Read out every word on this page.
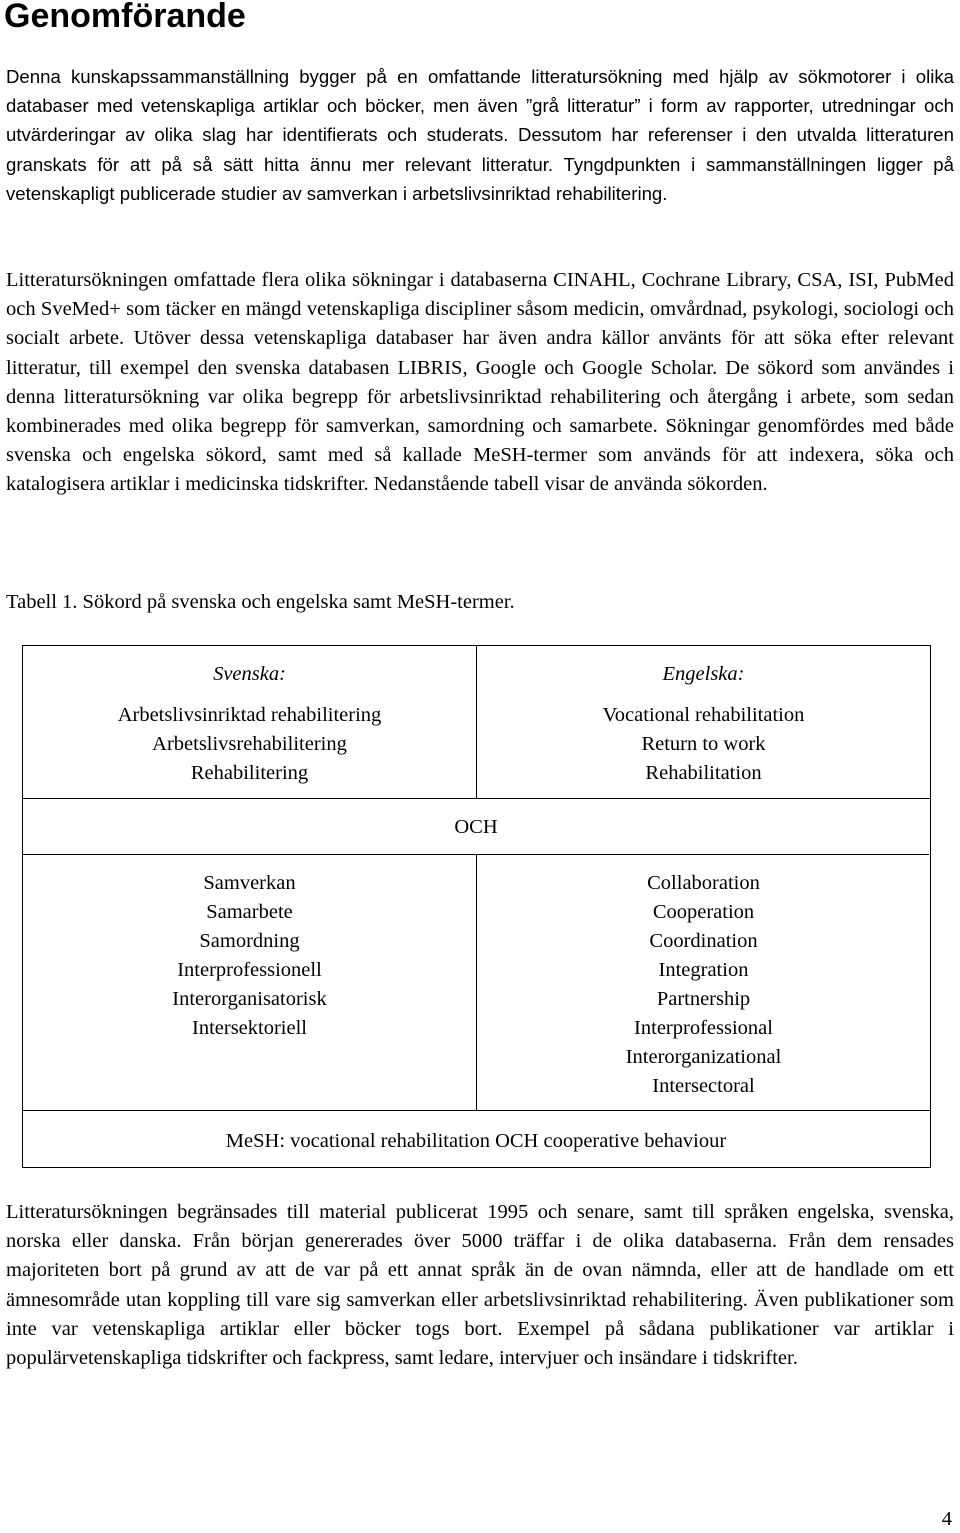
Genomförande

Denna kunskapssammanställning bygger på en omfattande litteratursökning med hjälp av sökmotorer i olika databaser med vetenskapliga artiklar och böcker, men även ”grå litteratur” i form av rapporter, utredningar och utvärderingar av olika slag har identifierats och studerats. Dessutom har referenser i den utvalda litteraturen granskats för att på så sätt hitta ännu mer relevant litteratur. Tyngdpunkten i sammanställningen ligger på vetenskapligt publicerade studier av samverkan i arbetslivsinriktad rehabilitering.

Litteratursökningen omfattade flera olika sökningar i databaserna CINAHL, Cochrane Library, CSA, ISI, PubMed och SveMed+ som täcker en mängd vetenskapliga discipliner såsom medicin, omvårdnad, psykologi, sociologi och socialt arbete. Utöver dessa vetenskapliga databaser har även andra källor använts för att söka efter relevant litteratur, till exempel den svenska databasen LIBRIS, Google och Google Scholar. De sökord som användes i denna litteratursökning var olika begrepp för arbetslivsinriktad rehabilitering och återgång i arbete, som sedan kombinerades med olika begrepp för samverkan, samordning och samarbete. Sökningar genomfördes med både svenska och engelska sökord, samt med så kallade MeSH-termer som används för att indexera, söka och katalogisera artiklar i medicinska tidskrifter. Nedanstående tabell visar de använda sökorden.

Tabell 1. Sökord på svenska och engelska samt MeSH-termer.

Svenska:
Arbetslivsinriktad rehabilitering
Arbetslivsrehabilitering
Rehabilitering
Engelska:
Vocational rehabilitation
Return to work
Rehabilitation
OCH
Samverkan
Samarbete
Samordning
Interprofessionell
Interorganisatorisk
Intersektoriell
Collaboration
Cooperation
Coordination
Integration
Partnership
Interprofessional
Interorganizational
Intersectoral
MeSH: vocational rehabilitation OCH cooperative behaviour

Litteratursökningen begränsades till material publicerat 1995 och senare, samt till språken engelska, svenska, norska eller danska. Från början genererades över 5000 träffar i de olika databaserna. Från dem rensades majoriteten bort på grund av att de var på ett annat språk än de ovan nämnda, eller att de handlade om ett ämnesområde utan koppling till vare sig samverkan eller arbetslivsinriktad rehabilitering. Även publikationer som inte var vetenskapliga artiklar eller böcker togs bort. Exempel på sådana publikationer var artiklar i populärvetenskapliga tidskrifter och fackpress, samt ledare, intervjuer och insändare i tidskrifter.

4
